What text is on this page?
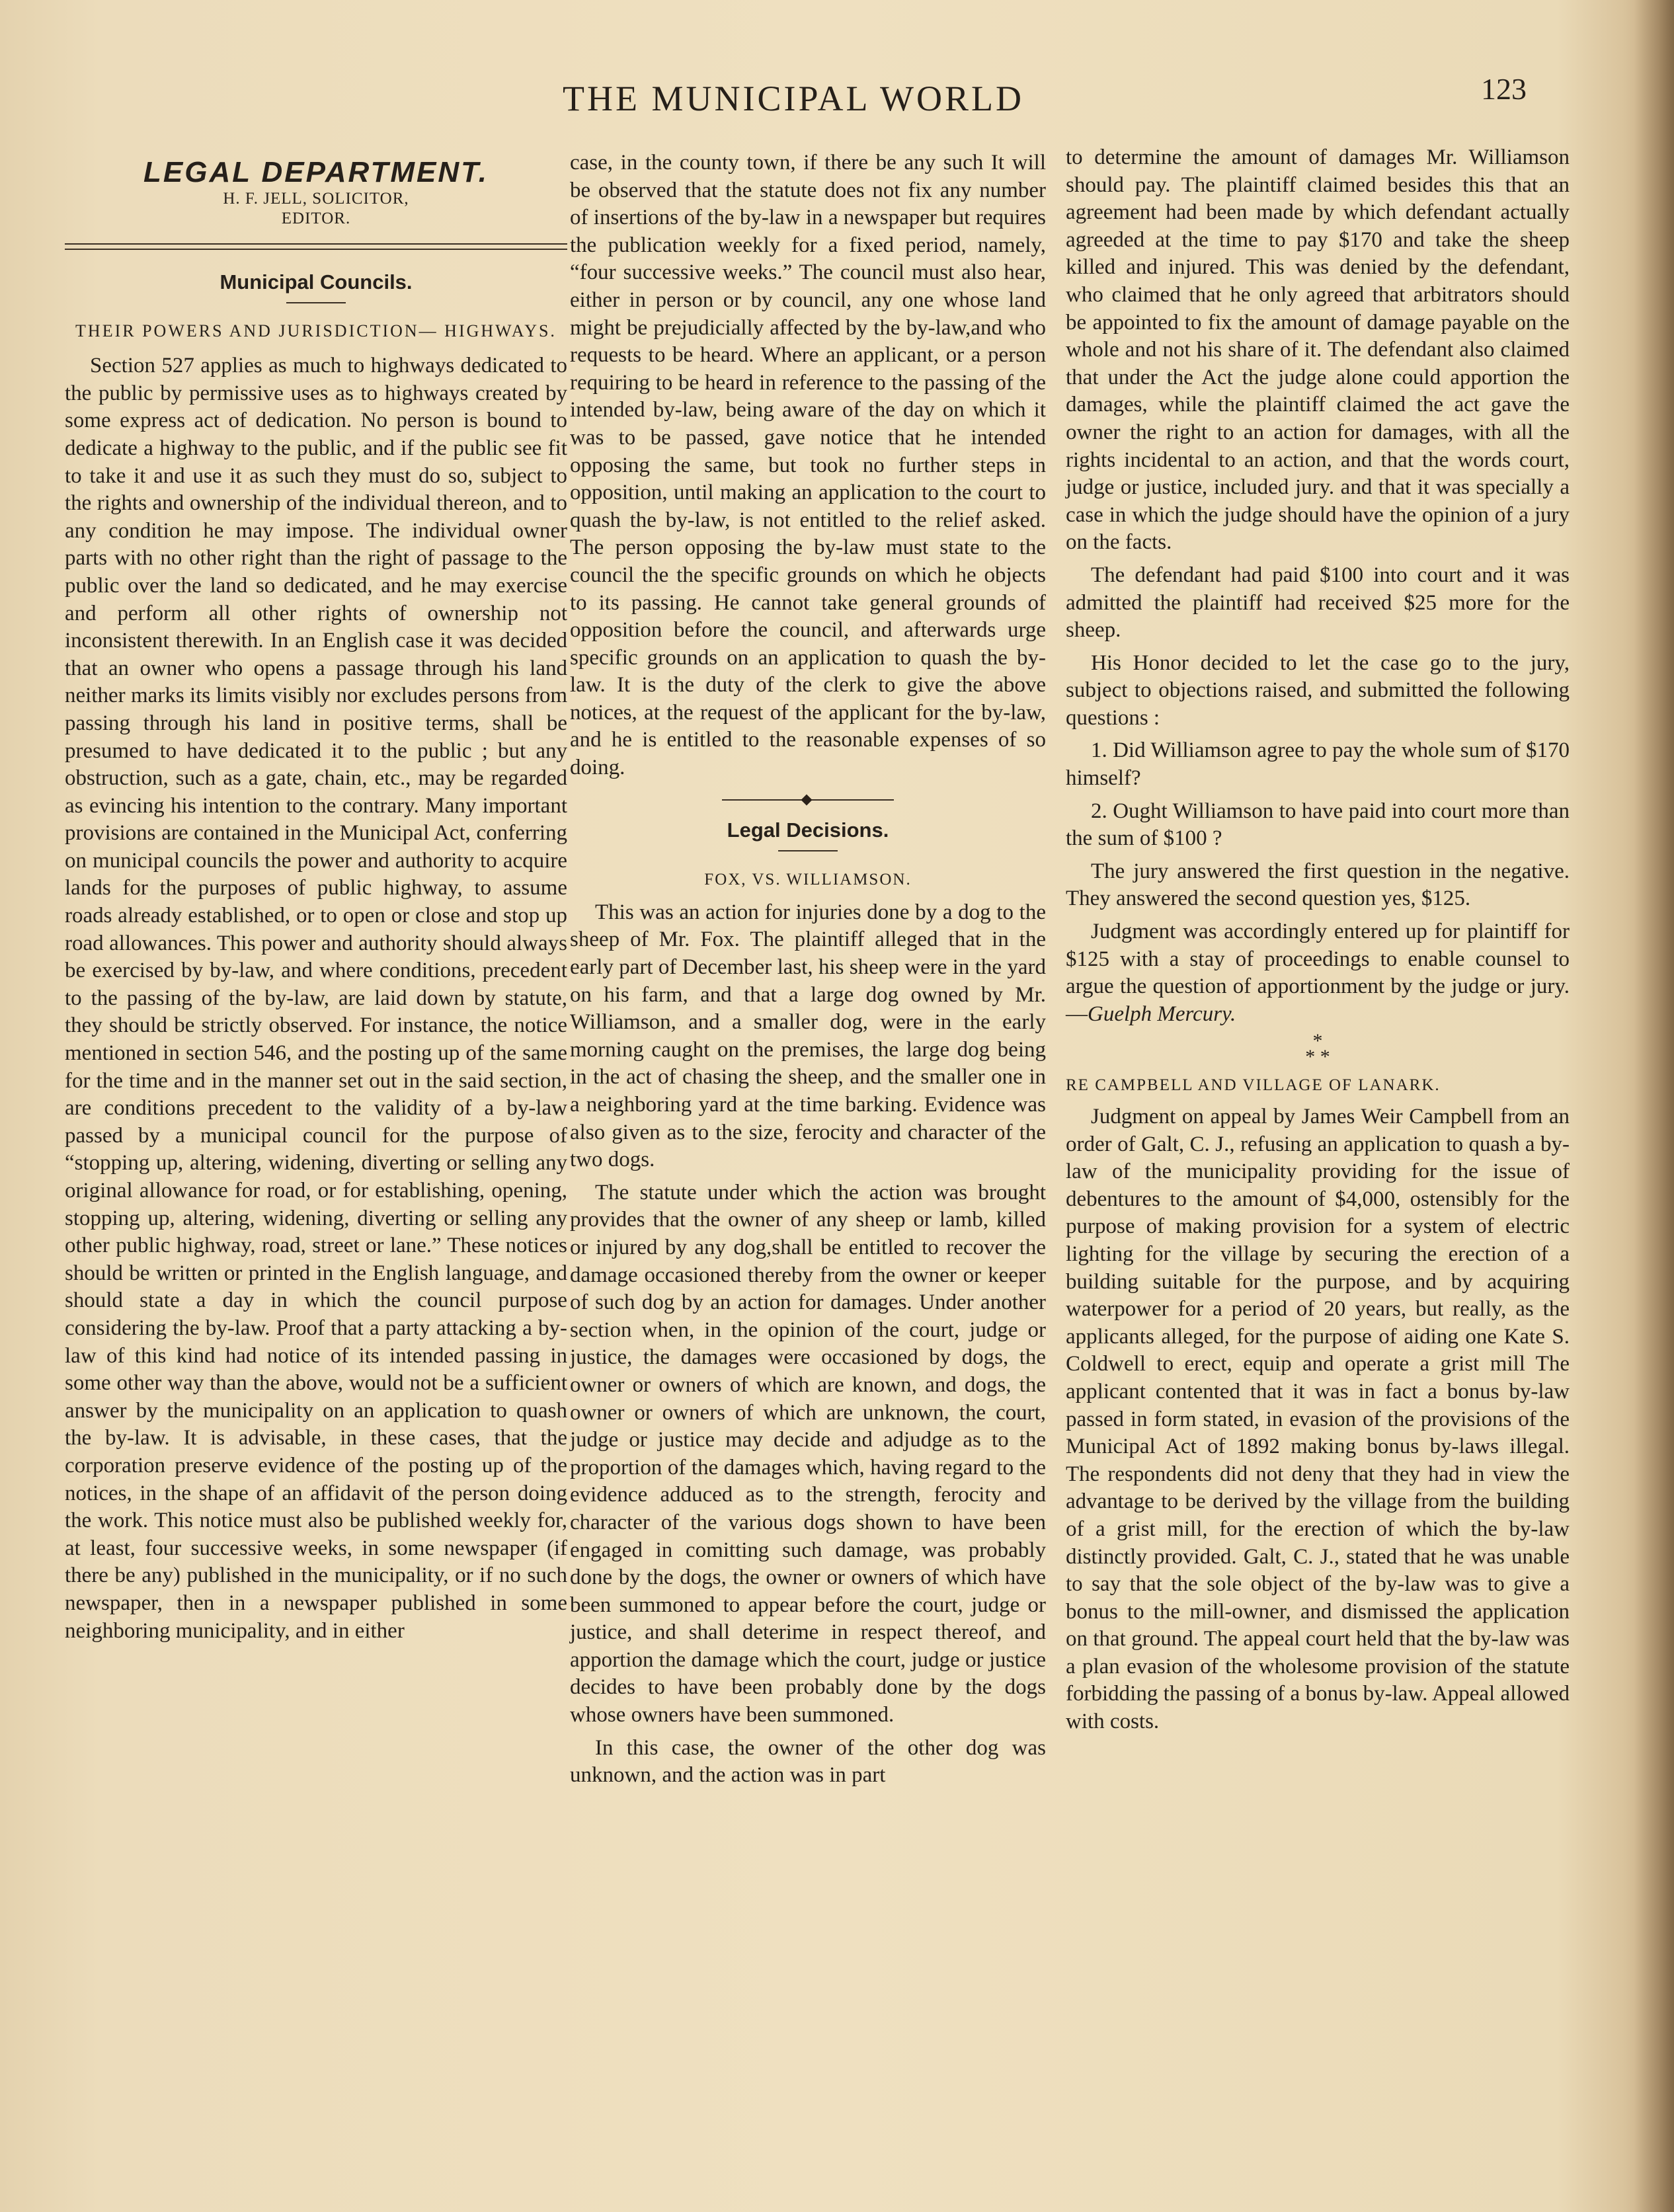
THE MUNICIPAL WORLD	123
LEGAL DEPARTMENT.
H. F. JELL, SOLICITOR,
EDITOR.
Municipal Councils.
THEIR POWERS AND JURISDICTION— HIGHWAYS.

Section 527 applies as much to highways dedicated to the public by permissive uses as to highways created by some express act of dedication. No person is bound to dedicate a highway to the public, and if the public see fit to take it and use it as such they must do so, subject to the rights and ownership of the individual thereon, and to any condition he may impose. The individual owner parts with no other right than the right of passage to the public over the land so dedicated, and he may exercise and perform all other rights of ownership not inconsistent therewith. In an English case it was decided that an owner who opens a passage through his land neither marks its limits visibly nor excludes persons from passing through his land in positive terms, shall be presumed to have dedicated it to the public ; but any obstruction, such as a gate, chain, etc., may be regarded as evincing his intention to the contrary. Many important provisions are contained in the Municipal Act, conferring on municipal councils the power and authority to acquire lands for the purposes of public highway, to assume roads already established, or to open or close and stop up road allowances. This power and authority should always be exercised by by-law, and where conditions, precedent to the passing of the by-law, are laid down by statute, they should be strictly observed. For instance, the notice mentioned in section 546, and the posting up of the same for the time and in the manner set out in the said section, are conditions precedent to the validity of a by-law passed by a municipal council for the purpose of “stopping up, altering, widening, diverting or selling any original allowance for road, or for establishing, opening, stopping up, altering, widening, diverting or selling any other public highway, road, street or lane.” These notices should be written or printed in the English language, and should state a day in which the council purpose considering the by-law. Proof that a party attacking a by-law of this kind had notice of its intended passing in some other way than the above, would not be a sufficient answer by the municipality on an application to quash the by-law. It is advisable, in these cases, that the corporation preserve evidence of the posting up of the notices, in the shape of an affidavit of the person doing the work. This notice must also be published weekly for, at least, four successive weeks, in some newspaper (if there be any) published in the municipality, or if no such newspaper, then in a newspaper published in some neighboring municipality, and in either

case, in the county town, if there be any such It will be observed that the statute does not fix any number of insertions of the by-law in a newspaper but requires the publication weekly for a fixed period, namely, “four successive weeks.” The council must also hear, either in person or by council, any one whose land might be prejudicially affected by the by-law,and who requests to be heard. Where an applicant, or a person requiring to be heard in reference to the passing of the intended by-law, being aware of the day on which it was to be passed, gave notice that he intended opposing the same, but took no further steps in opposition, until making an application to the court to quash the by-law, is not entitled to the relief asked. The person opposing the by-law must state to the council the the specific grounds on which he objects to its passing. He cannot take general grounds of opposition before the council, and afterwards urge specific grounds on an application to quash the by-law. It is the duty of the clerk to give the above notices, at the request of the applicant for the by-law, and he is entitled to the reasonable expenses of so doing.

Legal Decisions.
FOX, VS. WILLIAMSON.

This was an action for injuries done by a dog to the sheep of Mr. Fox. The plaintiff alleged that in the early part of December last, his sheep were in the yard on his farm, and that a large dog owned by Mr. Williamson, and a smaller dog, were in the early morning caught on the premises, the large dog being in the act of chasing the sheep, and the smaller one in a neighboring yard at the time barking. Evidence was also given as to the size, ferocity and character of the two dogs.

The statute under which the action was brought provides that the owner of any sheep or lamb, killed or injured by any dog,shall be entitled to recover the damage occasioned thereby from the owner or keeper of such dog by an action for damages. Under another section when, in the opinion of the court, judge or justice, the damages were occasioned by dogs, the owner or owners of which are known, and dogs, the owner or owners of which are unknown, the court, judge or justice may decide and adjudge as to the proportion of the damages which, having regard to the evidence adduced as to the strength, ferocity and character of the various dogs shown to have been engaged in comitting such damage, was probably done by the dogs, the owner or owners of which have been summoned to appear before the court, judge or justice, and shall deterime in respect thereof, and apportion the damage which the court, judge or justice decides to have been probably done by the dogs whose owners have been summoned.

In this case, the owner of the other dog was unknown, and the action was in part

to determine the amount of damages Mr. Williamson should pay. The plaintiff claimed besides this that an agreement had been made by which defendant actually agreeded at the time to pay $170 and take the sheep killed and injured. This was denied by the defendant, who claimed that he only agreed that arbitrators should be appointed to fix the amount of damage payable on the whole and not his share of it. The defendant also claimed that under the Act the judge alone could apportion the damages, while the plaintiff claimed the act gave the owner the right to an action for damages, with all the rights incidental to an action, and that the words court, judge or justice, included jury. and that it was specially a case in which the judge should have the opinion of a jury on the facts.

The defendant had paid $100 into court and it was admitted the plaintiff had received $25 more for the sheep.

His Honor decided to let the case go to the jury, subject to objections raised, and submitted the following questions :

1. Did Williamson agree to pay the whole sum of $170 himself?

2. Ought Williamson to have paid into court more than the sum of $100 ?

The jury answered the first question in the negative. They answered the second question yes, $125.

Judgment was accordingly entered up for plaintiff for $125 with a stay of proceedings to enable counsel to argue the question of apportionment by the judge or jury.—Guelph Mercury.

*
* *
RE CAMPBELL AND VILLAGE OF LANARK.

Judgment on appeal by James Weir Campbell from an order of Galt, C. J., refusing an application to quash a by-law of the municipality providing for the issue of debentures to the amount of $4,000, ostensibly for the purpose of making provision for a system of electric lighting for the village by securing the erection of a building suitable for the purpose, and by acquiring waterpower for a period of 20 years, but really, as the applicants alleged, for the purpose of aiding one Kate S. Coldwell to erect, equip and operate a grist mill The applicant contented that it was in fact a bonus by-law passed in form stated, in evasion of the provisions of the Municipal Act of 1892 making bonus by-laws illegal. The respondents did not deny that they had in view the advantage to be derived by the village from the building of a grist mill, for the erection of which the by-law distinctly provided. Galt, C. J., stated that he was unable to say that the sole object of the by-law was to give a bonus to the mill-owner, and dismissed the application on that ground. The appeal court held that the by-law was a plan evasion of the wholesome provision of the statute forbidding the passing of a bonus by-law. Appeal allowed with costs.
